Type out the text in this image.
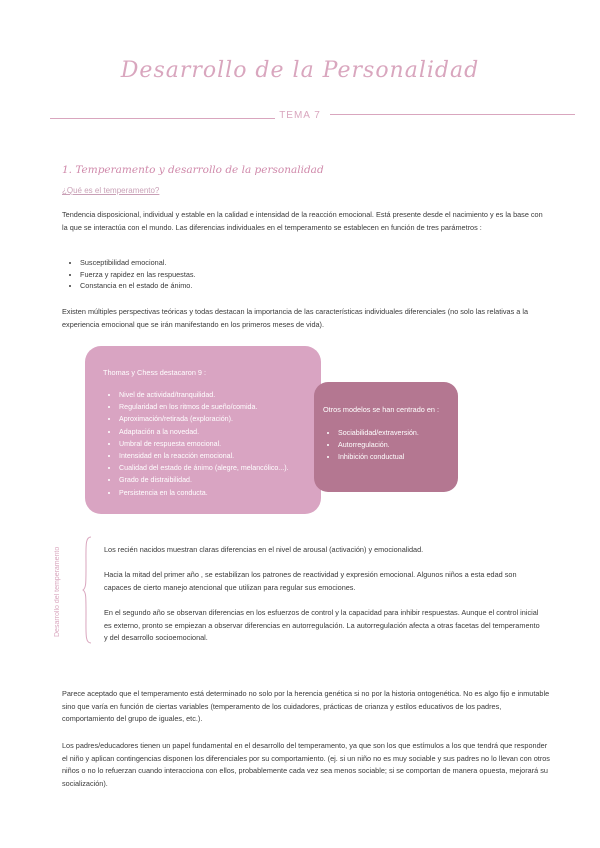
Desarrollo de la Personalidad
TEMA 7
1. Temperamento y desarrollo de la personalidad
¿Qué es el temperamento?
Tendencia disposicional, individual y estable en la calidad e intensidad de la reacción emocional. Está presente desde el nacimiento y es la base con la que se interactúa con el mundo. Las diferencias individuales en el temperamento se establecen en función de tres parámetros :
• Susceptibilidad emocional.
• Fuerza y rapidez en las respuestas.
• Constancia en el estado de ánimo.
Existen múltiples perspectivas teóricas y todas destacan la importancia de las características individuales diferenciales (no solo las relativas a la experiencia emocional que se irán manifestando en los primeros meses de vida).
Thomas y Chess destacaron 9 :
• Nivel de actividad/tranquilidad.
• Regularidad en los ritmos de sueño/comida.
• Aproximación/retirada (exploración).
• Adaptación a la novedad.
• Umbral de respuesta emocional.
• Intensidad en la reacción emocional.
• Cualidad del estado de ánimo (alegre, melancólico...).
• Grado de distraibilidad.
• Persistencia en la conducta.
Otros modelos se han centrado en :
• Sociabilidad/extraversión.
• Autorregulación.
• Inhibición conductual
Desarrollo del temperamento	Los recién nacidos muestran claras diferencias en el nivel de arousal (activación) y emocionalidad.
Hacia la mitad del primer año , se estabilizan los patrones de reactividad y expresión emocional. Algunos niños a esta edad son capaces de cierto manejo atencional que utilizan para regular sus emociones.
En el segundo año se observan diferencias en los esfuerzos de control y la capacidad para inhibir respuestas. Aunque el control inicial es externo, pronto se empiezan a observar diferencias en autorregulación. La autorregulación afecta a otras facetas del temperamento y del desarrollo socioemocional.
Parece aceptado que el temperamento está determinado no solo por la herencia genética si no por la historia ontogenética. No es algo fijo e inmutable sino que varía en función de ciertas variables (temperamento de los cuidadores, prácticas de crianza y estilos educativos de los padres, comportamiento del grupo de iguales, etc.).
Los padres/educadores tienen un papel fundamental en el desarrollo del temperamento, ya que son los que estímulos a los que tendrá que responder el niño y aplican contingencias disponen los diferenciales por su comportamiento. (ej. si un niño no es muy sociable y sus padres no lo llevan con otros niños o no lo refuerzan cuando interacciona con ellos, probablemente cada vez sea menos sociable; si se comportan de manera opuesta, mejorará su socialización).
